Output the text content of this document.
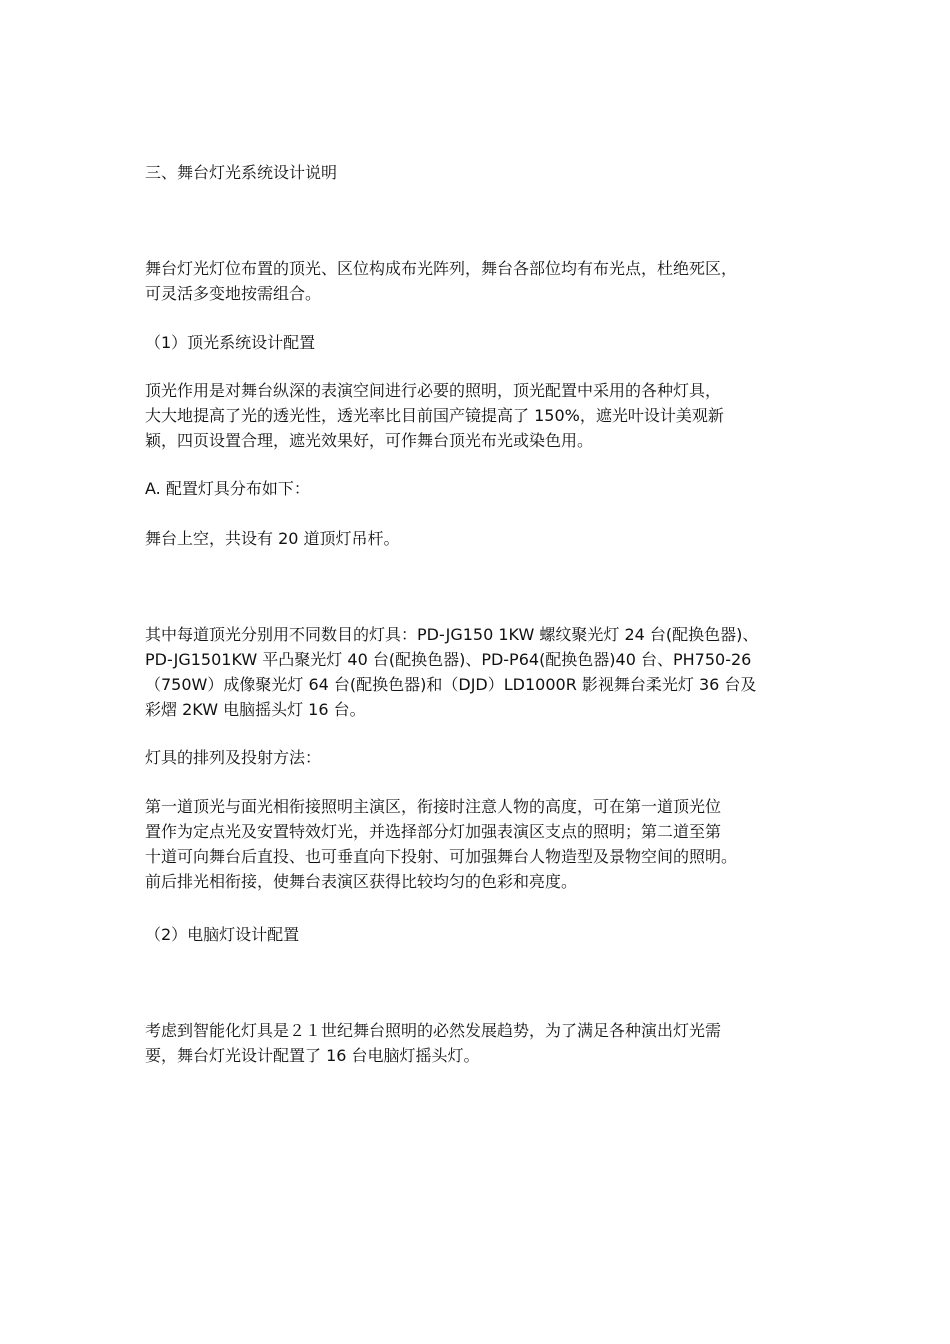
三、舞台灯光系统设计说明

舞台灯光灯位布置的顶光、区位构成布光阵列，舞台各部位均有布光点，杜绝死区，
可灵活多变地按需组合。

（1）顶光系统设计配置

顶光作用是对舞台纵深的表演空间进行必要的照明，顶光配置中采用的各种灯具，
大大地提高了光的透光性，透光率比目前国产镜提高了 150%，遮光叶设计美观新
颖，四页设置合理，遮光效果好，可作舞台顶光布光或染色用。

A. 配置灯具分布如下：

舞台上空，共设有 20 道顶灯吊杆。

其中每道顶光分别用不同数目的灯具：PD-JG150 1KW 螺纹聚光灯 24 台(配换色器)、
PD-JG1501KW 平凸聚光灯 40 台(配换色器)、PD-P64(配换色器)40 台、PH750-26
（750W）成像聚光灯 64 台(配换色器)和（DJD）LD1000R 影视舞台柔光灯 36 台及
彩熠 2KW 电脑摇头灯 16 台。

灯具的排列及投射方法：

第一道顶光与面光相衔接照明主演区，衔接时注意人物的高度，可在第一道顶光位
置作为定点光及安置特效灯光，并选择部分灯加强表演区支点的照明；第二道至第
十道可向舞台后直投、也可垂直向下投射、可加强舞台人物造型及景物空间的照明。
前后排光相衔接，使舞台表演区获得比较均匀的色彩和亮度。

（2）电脑灯设计配置

考虑到智能化灯具是２１世纪舞台照明的必然发展趋势，为了满足各种演出灯光需
要，舞台灯光设计配置了 16 台电脑灯摇头灯。
